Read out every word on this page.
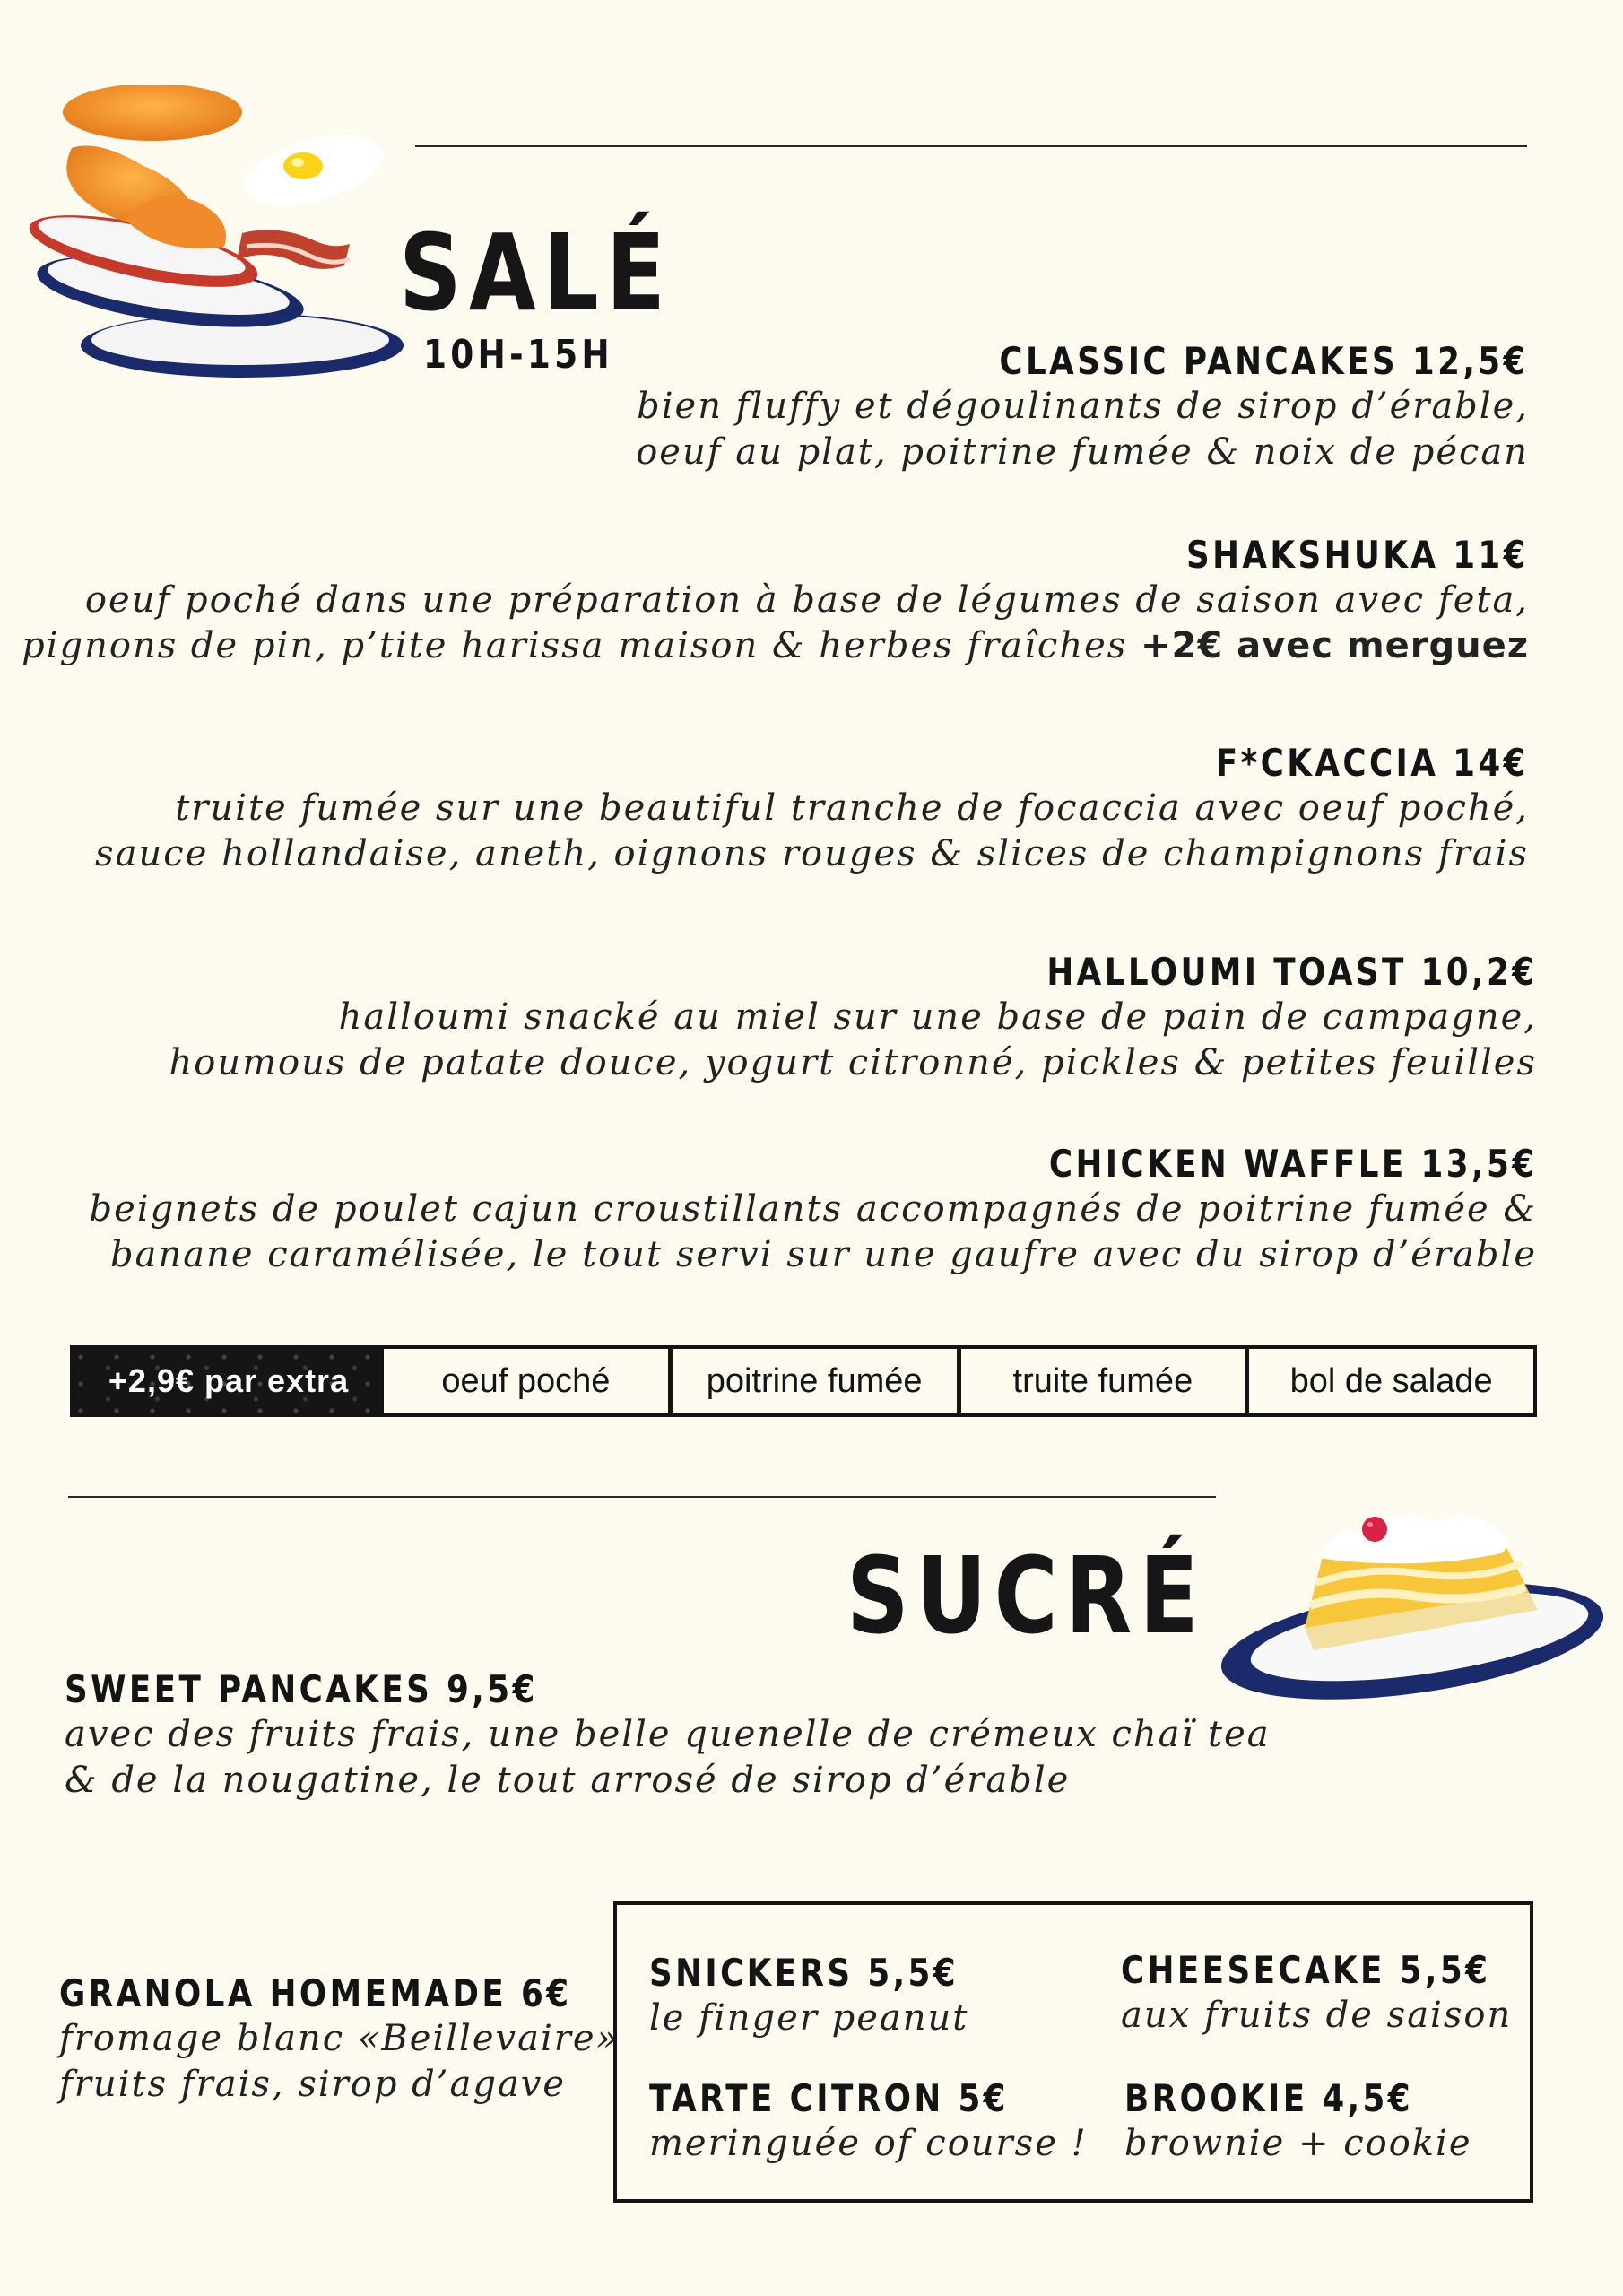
SALÉ
10H-15H	CLASSIC PANCAKES 12,5€
bien fluffy et dégoulinants de sirop d’érable,
oeuf au plat, poitrine fumée & noix de pécan
SHAKSHUKA 11€
oeuf poché dans une préparation à base de légumes de saison avec feta,
pignons de pin, p’tite harissa maison & herbes fraîches +2€ avec merguez
F*CKACCIA 14€
truite fumée sur une beautiful tranche de focaccia avec oeuf poché,
sauce hollandaise, aneth, oignons rouges & slices de champignons frais
HALLOUMI TOAST 10,2€
halloumi snacké au miel sur une base de pain de campagne,
houmous de patate douce, yogurt citronné, pickles & petites feuilles
CHICKEN WAFFLE 13,5€
beignets de poulet cajun croustillants accompagnés de poitrine fumée &
banane caramélisée, le tout servi sur une gaufre avec du sirop d’érable
+2,9€ par extra	oeuf poché	poitrine fumée	truite fumée	bol de salade
SUCRÉ
SWEET PANCAKES 9,5€
avec des fruits frais, une belle quenelle de crémeux chaï tea
& de la nougatine, le tout arrosé de sirop d’érable
GRANOLA HOMEMADE 6€
fromage blanc «Beillevaire»
fruits frais, sirop d’agave
SNICKERS 5,5€
le finger peanut
CHEESECAKE 5,5€
aux fruits de saison
TARTE CITRON 5€
meringuée of course !
BROOKIE 4,5€
brownie + cookie
